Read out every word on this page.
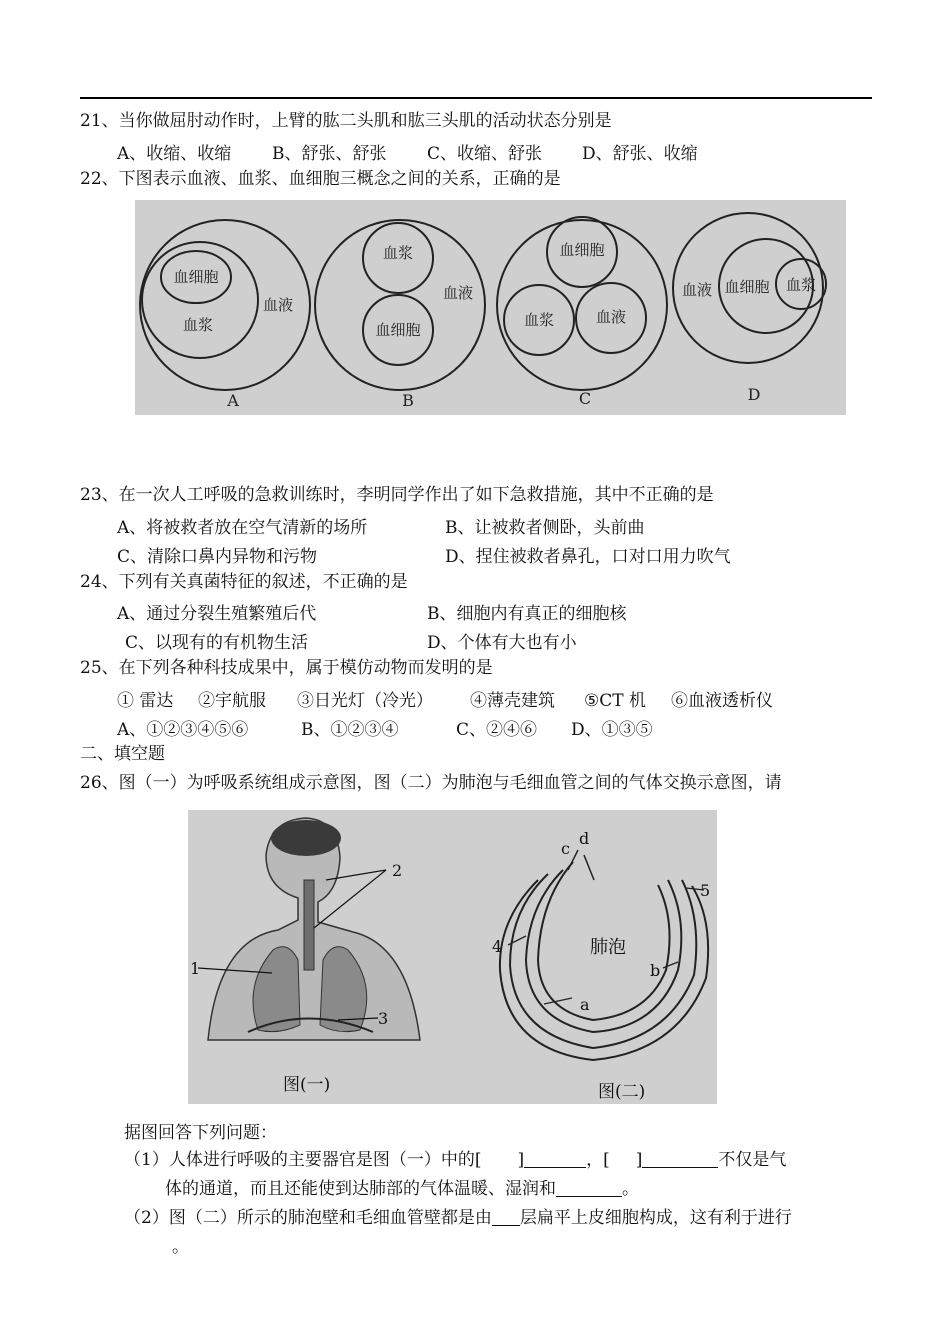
21、当你做屈肘动作时，上臂的肱二头肌和肱三头肌的活动状态分别是
A、收缩、收缩 B、舒张、舒张 C、收缩、舒张 D、舒张、收缩
22、下图表示血液、血浆、血细胞三概念之间的关系，正确的是
血细胞
血浆
血液
血浆
血细胞
血液
血细胞
血浆	血液
血液 血细胞 血浆
A	B	C	D
23、在一次人工呼吸的急救训练时，李明同学作出了如下急救措施，其中不正确的是
A、将被救者放在空气清新的场所	B、让被救者侧卧，头前曲
C、清除口鼻内异物和污物	D、捏住被救者鼻孔，口对口用力吹气
24、下列有关真菌特征的叙述，不正确的是
A、通过分裂生殖繁殖后代	B、细胞内有真正的细胞核
C、以现有的有机物生活	D、个体有大也有小
25、在下列各种科技成果中，属于模仿动物而发明的是
① 雷达 ②宇航服 ③日光灯（冷光） ④薄壳建筑 ⑤CT 机 ⑥血液透析仪
A、①②③④⑤⑥	B、①②③④	C、②④⑥ D、①③⑤
二、填空题
26、图（一）为呼吸系统组成示意图，图（二）为肺泡与毛细血管之间的气体交换示意图，请
1
2
3
图(一)
肺泡
a
b
c
d
4
5
图(二)
据图回答下列问题：
（1）人体进行呼吸的主要器官是图（一）中的[ ]	，[ ]	不仅是气
体的通道，而且还能使到达肺部的气体温暖、湿润和	。
（2）图（二）所示的肺泡壁和毛细血管壁都是由 层扁平上皮细胞构成，这有利于进行
。
